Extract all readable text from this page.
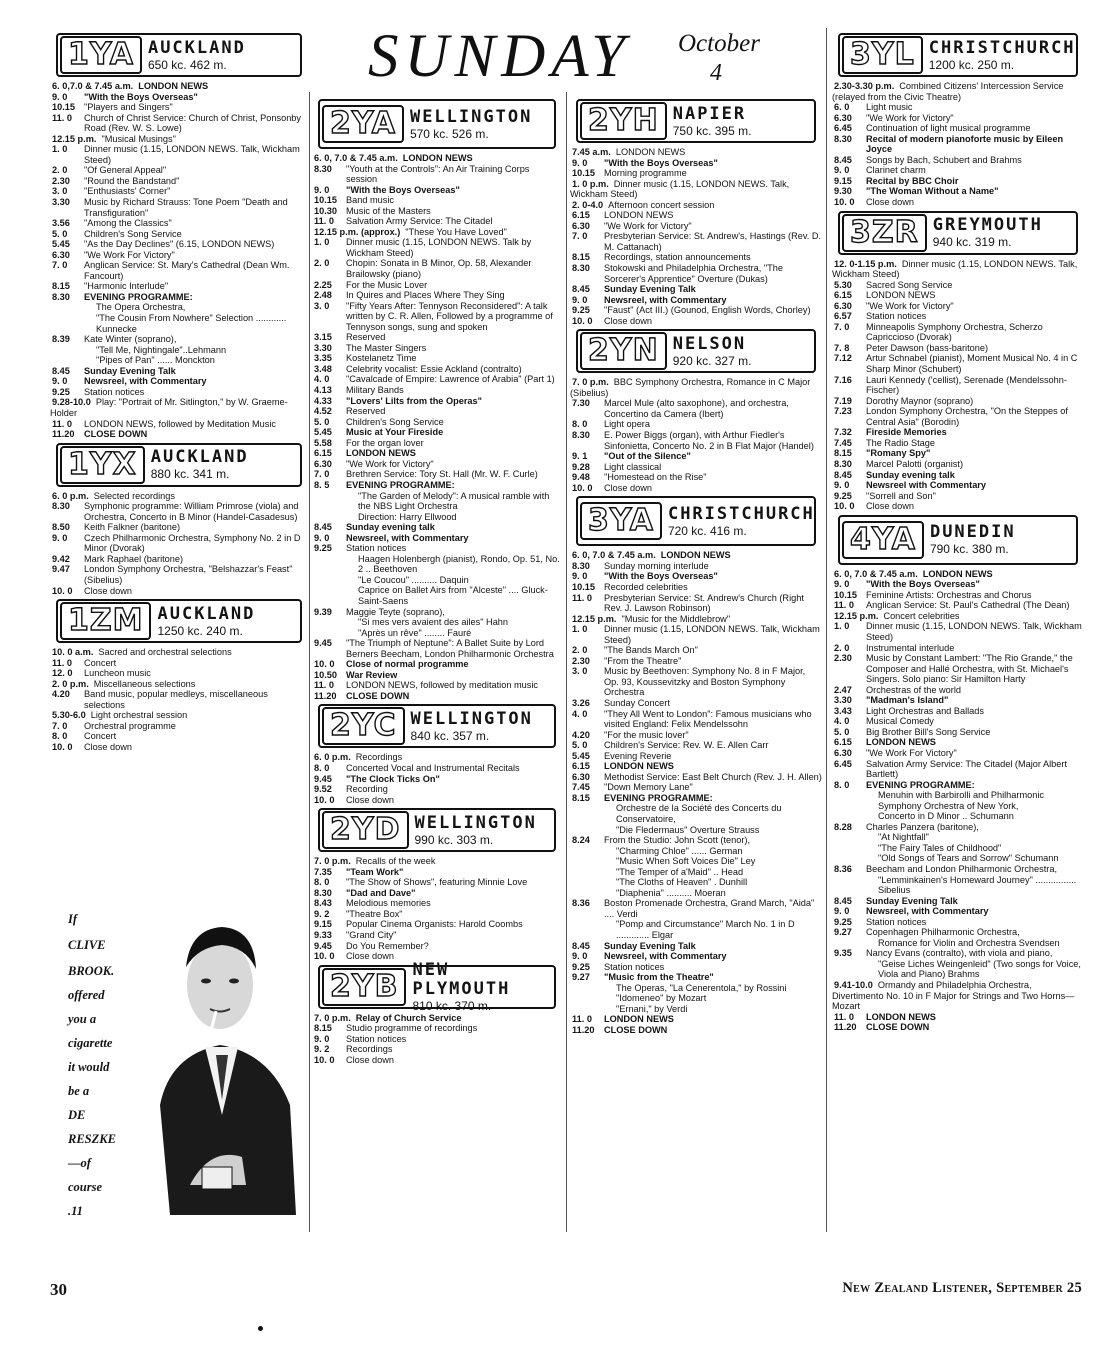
SUNDAY October
4
1YA AUCKLAND
650 kc. 462 m.
6. 0,7.0 & 7.45 a.m. LONDON NEWS
9. 0	"With the Boys Overseas"
10.15 "Players and Singers"
11. 0	Church of Christ Service: Church of Christ, Ponsonby Road (Rev. W. S. Lowe)
12.15 p.m. "Musical Musings"
1. 0	Dinner music (1.15, LONDON NEWS. Talk, Wickham Steed)
2. 0	"Of General Appeal"
2.30	"Round the Bandstand"
3. 0	"Enthusiasts' Corner"
3.30	Music by Richard Strauss: Tone Poem "Death and Transfiguration"
3.56	"Among the Classics"
5. 0	Children's Song Service
5.45	"As the Day Declines" (6.15, LONDON NEWS)
6.30	"We Work For Victory"
7. 0	Anglican Service: St. Mary's Cathedral (Dean Wm. Fancourt)
8.15	"Harmonic Interlude"
8.30	EVENING PROGRAMME:
The Opera Orchestra,
"The Cousin From Nowhere" Selection ............ Kunnecke
8.39	Kate Winter (soprano),
"Tell Me, Nightingale"..Lehmann
"Pipes of Pan" ...... Monckton
8.45	Sunday Evening Talk
9. 0	Newsreel, with Commentary
9.25	Station notices
9.28-10.0 Play: "Portrait of Mr. Sitlington," by W. Graeme-Holder
11. 0	LONDON NEWS, followed by Meditation Music
11.20	CLOSE DOWN
1YX AUCKLAND
880 kc. 341 m.
6. 0 p.m. Selected recordings
8.30	Symphonic programme: William Primrose (viola) and Orchestra, Concerto in B Minor (Handel-Casadesus)
8.50	Keith Falkner (baritone)
9. 0	Czech Philharmonic Orchestra, Symphony No. 2 in D Minor (Dvorak)
9.42	Mark Raphael (baritone)
9.47	London Symphony Orchestra, "Belshazzar's Feast" (Sibelius)
10. 0	Close down
1ZM AUCKLAND
1250 kc. 240 m.
10. 0 a.m. Sacred and orchestral selections
11. 0	Concert
12. 0	Luncheon music
2. 0 p.m. Miscellaneous selections
4.20	Band music, popular medleys, miscellaneous selections
5.30-6.0 Light orchestral session
7. 0	Orchestral programme
8. 0	Concert
10. 0	Close down
If
CLIVE
BROOK.
offered
you a
cigarette
it would
be a
DE
RESZKE
—of
course
.11
2YA WELLINGTON
570 kc. 526 m.
6. 0, 7.0 & 7.45 a.m. LONDON NEWS
8.30	"Youth at the Controls": An Air Training Corps session
9. 0	"With the Boys Overseas"
10.15 Band music
10.30 Music of the Masters
11. 0	Salvation Army Service: The Citadel
12.15 p.m. (approx.) "These You Have Loved"
1. 0	Dinner music (1.15, LONDON NEWS. Talk by Wickham Steed)
2. 0	Chopin: Sonata in B Minor, Op. 58, Alexander Brailowsky (piano)
2.25	For the Music Lover
2.48	In Quires and Places Where They Sing
3. 0	"Fifty Years After: Tennyson Reconsidered": A talk written by C. R. Allen, Followed by a programme of Tennyson songs, sung and spoken
3.15	Reserved
3.30	The Master Singers
3.35	Kostelanetz Time
3.48	Celebrity vocalist: Essie Ackland (contralto)
4. 0	"Cavalcade of Empire: Lawrence of Arabia" (Part 1)
4.13	Military Bands
4.33	"Lovers' Lilts from the Operas"
4.52	Reserved
5. 0	Children's Song Service
5.45	Music at Your Fireside
5.58	For the organ lover
6.15	LONDON NEWS
6.30	"We Work for Victory"
7. 0	Brethren Service: Tory St. Hall (Mr. W. F. Curle)
8. 5	EVENING PROGRAMME:
"The Garden of Melody": A musical ramble with the NBS Light Orchestra
Direction: Harry Ellwood
8.45	Sunday evening talk
9. 0	Newsreel, with Commentary
9.25	Station notices
Haagen Holenbergh (pianist), Rondo, Op. 51, No. 2 .. Beethoven
"Le Coucou" .......... Daquin
Caprice on Ballet Airs from "Alceste" .... Gluck-Saint-Saens
9.39	Maggie Teyte (soprano),
"Si mes vers avaient des ailes" Hahn
"Après un rêve" ........ Fauré
9.45	"The Triumph of Neptune": A Ballet Suite by Lord Berners Beecham, London Philharmonic Orchestra
10. 0	Close of normal programme
10.50 War Review
11. 0	LONDON NEWS, followed by meditation music
11.20	CLOSE DOWN
2YC WELLINGTON
840 kc. 357 m.
6. 0 p.m. Recordings
8. 0	Concerted Vocal and Instrumental Recitals
9.45	"The Clock Ticks On"
9.52	Recording
10. 0	Close down
2YD WELLINGTON
990 kc. 303 m.
7. 0 p.m. Recalls of the week
7.35	"Team Work"
8. 0	"The Show of Shows", featuring Minnie Love
8.30	"Dad and Dave"
8.43	Melodious memories
9. 2	"Theatre Box"
9.15	Popular Cinema Organists: Harold Coombs
9.33	"Grand City"
9.45	Do You Remember?
10. 0	Close down
2YB NEW PLYMOUTH
810 kc. 370 m.
7. 0 p.m. Relay of Church Service
8.15	Studio programme of recordings
9. 0	Station notices
9. 2	Recordings
10. 0	Close down
2YH NAPIER
750 kc. 395 m.
7.45 a.m. LONDON NEWS
9. 0	"With the Boys Overseas"
10.15 Morning programme
1. 0 p.m. Dinner music (1.15, LONDON NEWS. Talk, Wickham Steed)
2. 0-4.0 Afternoon concert session
6.15	LONDON NEWS
6.30	"We Work for Victory"
7. 0	Presbyterian Service: St. Andrew's, Hastings (Rev. D. M. Cattanach)
8.15	Recordings, station announcements
8.30	Stokowski and Philadelphia Orchestra, "The Sorcerer's Apprentice" Overture (Dukas)
8.45	Sunday Evening Talk
9. 0	Newsreel, with Commentary
9.25	"Faust" (Act III.) (Gounod, English Words, Chorley)
10. 0	Close down
2YN NELSON
920 kc. 327 m.
7. 0 p.m. BBC Symphony Orchestra, Romance in C Major (Sibelius)
7.30	Marcel Mule (alto saxophone), and orchestra, Concertino da Camera (Ibert)
8. 0	Light opera
8.30	E. Power Biggs (organ), with Arthur Fiedler's Sinfonietta, Concerto No. 2 in B Flat Major (Handel)
9. 1	"Out of the Silence"
9.28	Light classical
9.48	"Homestead on the Rise"
10. 0	Close down
3YA CHRISTCHURCH
720 kc. 416 m.
6. 0, 7.0 & 7.45 a.m. LONDON NEWS
8.30	Sunday morning interlude
9. 0	"With the Boys Overseas"
10.15 Recorded celebrities
11. 0	Presbyterian Service: St. Andrew's Church (Right Rev. J. Lawson Robinson)
12.15 p.m. "Music for the Middlebrow"
1. 0	Dinner music (1.15, LONDON NEWS. Talk, Wickham Steed)
2. 0	"The Bands March On"
2.30	"From the Theatre"
3. 0	Music by Beethoven: Symphony No. 8 in F Major, Op. 93, Koussevitzky and Boston Symphony Orchestra
3.26	Sunday Concert
4. 0	"They All Went to London": Famous musicians who visited England: Felix Mendelssohn
4.20	"For the music lover"
5. 0	Children's Service: Rev. W. E. Allen Carr
5.45	Evening Reverie
6.15	LONDON NEWS
6.30	Methodist Service: East Belt Church (Rev. J. H. Allen)
7.45	"Down Memory Lane"
8.15	EVENING PROGRAMME:
Orchestre de la Société des Concerts du Conservatoire,
"Die Fledermaus" Overture Strauss
8.24	From the Studio: John Scott (tenor),
"Charming Chloe" ...... German
"Music When Soft Voices Die" Ley
"The Temper of a'Maid" .. Head
"The Cloths of Heaven" . Dunhill
"Diaphenia" .......... Moeran
8.36	Boston Promenade Orchestra, Grand March, "Aida" .... Verdi
"Pomp and Circumstance" March No. 1 in D ............. Elgar
8.45	Sunday Evening Talk
9. 0	Newsreel, with Commentary
9.25	Station notices
9.27	"Music from the Theatre"
The Operas, "La Cenerentola," by Rossini
"Idomeneo" by Mozart
"Ernani," by Verdi
11. 0	LONDON NEWS
11.20	CLOSE DOWN
3YL CHRISTCHURCH
1200 kc. 250 m.
2.30-3.30 p.m. Combined Citizens' Intercession Service (relayed from the Civic Theatre)
6. 0	Light music
6.30	"We Work for Victory"
6.45	Continuation of light musical programme
8.30	Recital of modern pianoforte music by Eileen Joyce
8.45	Songs by Bach, Schubert and Brahms
9. 0	Clarinet charm
9.15	Recital by BBC Choir
9.30	"The Woman Without a Name"
10. 0	Close down
3ZR GREYMOUTH
940 kc. 319 m.
12. 0-1.15 p.m. Dinner music (1.15, LONDON NEWS. Talk, Wickham Steed)
5.30	Sacred Song Service
6.15	LONDON NEWS
6.30	"We Work for Victory"
6.57	Station notices
7. 0	Minneapolis Symphony Orchestra, Scherzo Capriccioso (Dvorak)
7. 8	Peter Dawson (bass-baritone)
7.12	Artur Schnabel (pianist), Moment Musical No. 4 in C Sharp Minor (Schubert)
7.16	Lauri Kennedy ('cellist), Serenade (Mendelssohn-Fischer)
7.19	Dorothy Maynor (soprano)
7.23	London Symphony Orchestra, "On the Steppes of Central Asia" (Borodin)
7.32	Fireside Memories
7.45	The Radio Stage
8.15	"Romany Spy"
8.30	Marcel Palotti (organist)
8.45	Sunday evening talk
9. 0	Newsreel with Commentary
9.25	"Sorrell and Son"
10. 0	Close down
4YA DUNEDIN
790 kc. 380 m.
6. 0, 7.0 & 7.45 a.m. LONDON NEWS
9. 0	"With the Boys Overseas"
10.15 Feminine Artists: Orchestras and Chorus
11. 0	Anglican Service: St. Paul's Cathedral (The Dean)
12.15 p.m. Concert celebrities
1. 0	Dinner music (1.15, LONDON NEWS. Talk, Wickham Steed)
2. 0	Instrumental interlude
2.30	Music by Constant Lambert: "The Rio Grande," the Composer and Hallé Orchestra, with St. Michael's Singers. Solo piano: Sir Hamilton Harty
2.47	Orchestras of the world
3.30	"Madman's Island"
3.43	Light Orchestras and Ballads
4. 0	Musical Comedy
5. 0	Big Brother Bill's Song Service
6.15	LONDON NEWS
6.30	"We Work For Victory"
6.45	Salvation Army Service: The Citadel (Major Albert Bartlett)
8. 0	EVENING PROGRAMME:
Menuhin with Barbirolli and Philharmonic Symphony Orchestra of New York,
Concerto in D Minor .. Schumann
8.28	Charles Panzera (baritone),
"At Nightfall"
"The Fairy Tales of Childhood"
"Old Songs of Tears and Sorrow" Schumann
8.36	Beecham and London Philharmonic Orchestra,
"Lemminkainen's Homeward Journey" ................ Sibelius
8.45	Sunday Evening Talk
9. 0	Newsreel, with Commentary
9.25	Station notices
9.27	Copenhagen Philharmonic Orchestra,
Romance for Violin and Orchestra Svendsen
9.35	Nancy Evans (contralto), with viola and piano,
"Geise Liches Weingenleid" (Two songs for Voice, Viola and Piano) Brahms
9.41-10.0 Ormandy and Philadelphia Orchestra, Divertimento No. 10 in F Major for Strings and Two Horns—Mozart
11. 0	LONDON NEWS
11.20	CLOSE DOWN
30	New Zealand Listener, September 25
